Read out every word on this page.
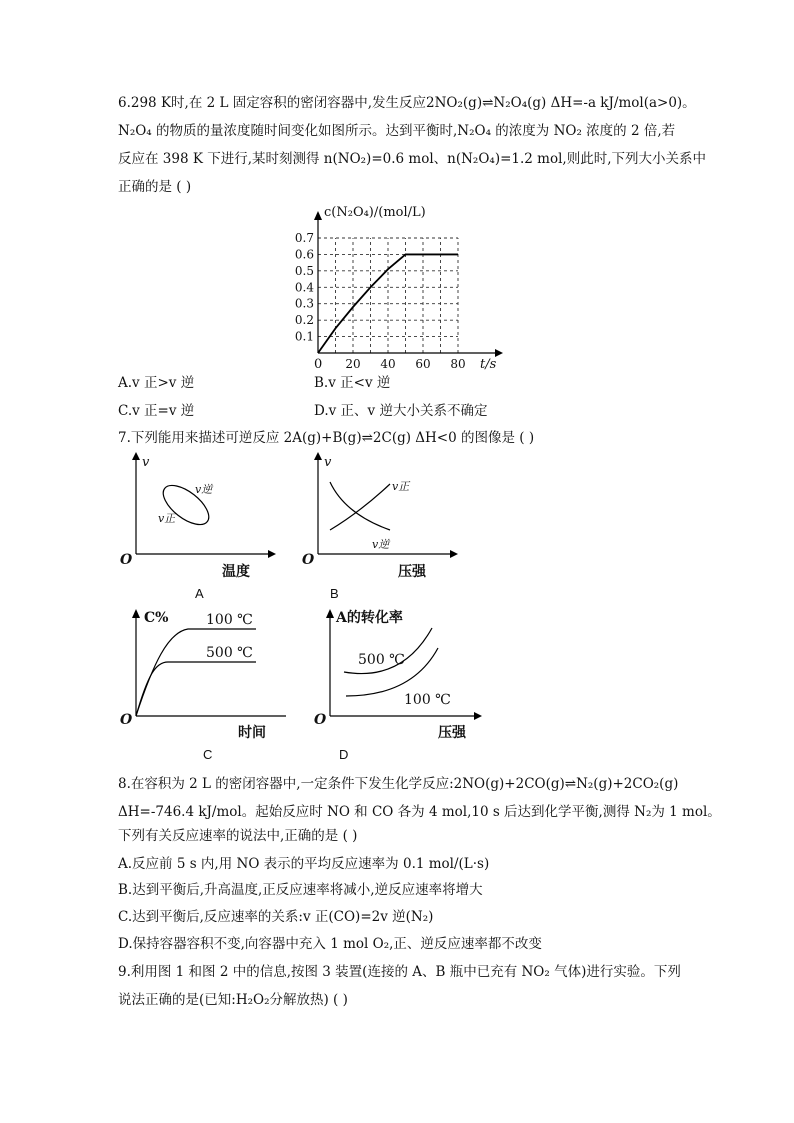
6.298 K时,在 2 L 固定容积的密闭容器中,发生反应2NO₂(g)⇌N₂O₄(g) ΔH=-a kJ/mol(a>0)。
N₂O₄ 的物质的量浓度随时间变化如图所示。达到平衡时,N₂O₄ 的浓度为 NO₂ 浓度的 2 倍,若
反应在 398 K 下进行,某时刻测得 n(NO₂)=0.6 mol、n(N₂O₄)=1.2 mol,则此时,下列大小关系中
正确的是 ( )
c(N₂O₄)/(mol/L)
t/s
0 20 40 60 80
0.1
0.2
0.3
0.4
0.5
0.6
0.7
A.v 正>v 逆	B.v 正<v 逆
C.v 正=v 逆	D.v 正、v 逆大小关系不确定
7.下列能用来描述可逆反应 2A(g)+B(g)⇌2C(g) ΔH<0 的图像是 ( )
v
O
温度
v逆
v正
A
v
O
压强
v正
v逆
B
C%
O
时间
100 ℃
500 ℃
C
A的转化率
O
压强
500 ℃
100 ℃
D
8.在容积为 2 L 的密闭容器中,一定条件下发生化学反应:2NO(g)+2CO(g)⇌N₂(g)+2CO₂(g)
ΔH=-746.4 kJ/mol。起始反应时 NO 和 CO 各为 4 mol,10 s 后达到化学平衡,测得 N₂为 1 mol。
下列有关反应速率的说法中,正确的是 ( )
A.反应前 5 s 内,用 NO 表示的平均反应速率为 0.1 mol/(L·s)
B.达到平衡后,升高温度,正反应速率将减小,逆反应速率将增大
C.达到平衡后,反应速率的关系:v 正(CO)=2v 逆(N₂)
D.保持容器容积不变,向容器中充入 1 mol O₂,正、逆反应速率都不改变
9.利用图 1 和图 2 中的信息,按图 3 装置(连接的 A、B 瓶中已充有 NO₂ 气体)进行实验。下列
说法正确的是(已知:H₂O₂分解放热) ( )
